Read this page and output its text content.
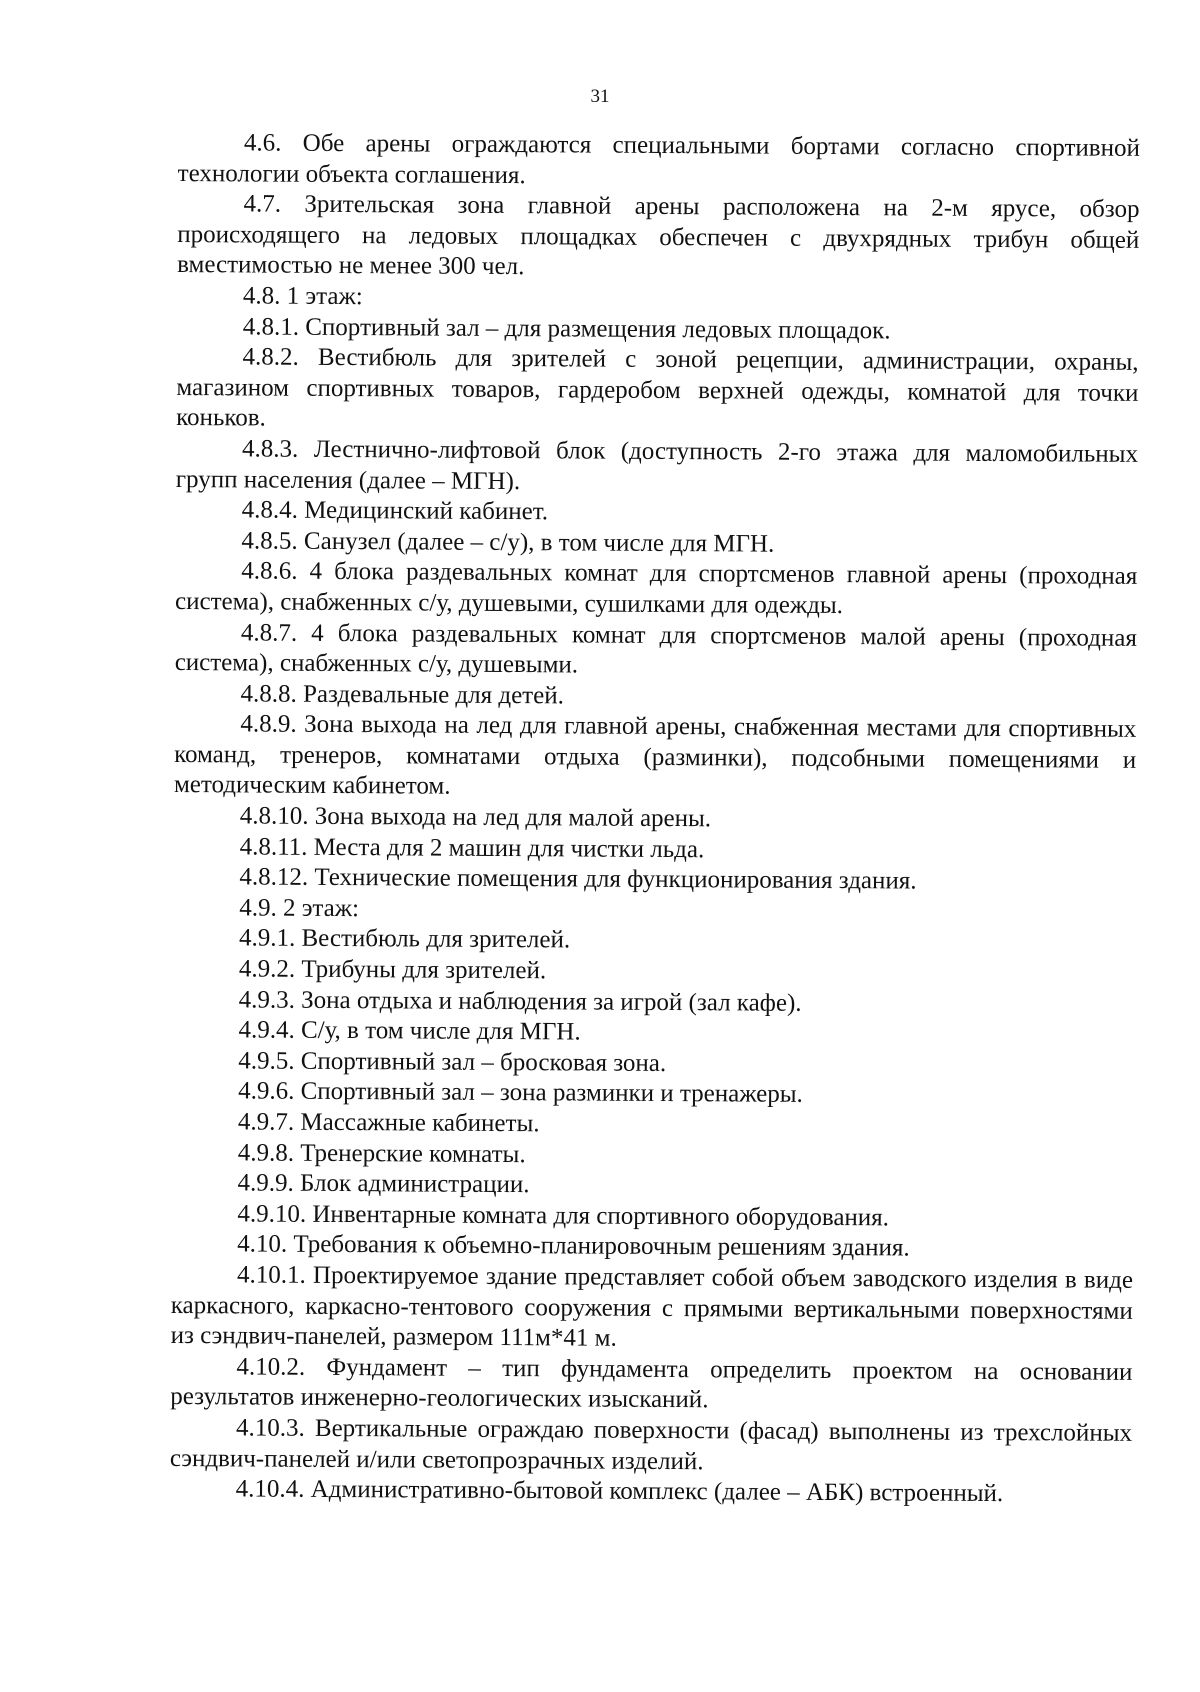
31

4.6. Обе арены ограждаются специальными бортами согласно спортивной технологии объекта соглашения.

4.7. Зрительская зона главной арены расположена на 2-м ярусе, обзор происходящего на ледовых площадках обеспечен с двухрядных трибун общей вместимостью не менее 300 чел.

4.8. 1 этаж:

4.8.1. Спортивный зал – для размещения ледовых площадок.

4.8.2. Вестибюль для зрителей с зоной рецепции, администрации, охраны, магазином спортивных товаров, гардеробом верхней одежды, комнатой для точки коньков.

4.8.3. Лестнично-лифтовой блок (доступность 2-го этажа для маломобильных групп населения (далее – МГН).

4.8.4. Медицинский кабинет.

4.8.5. Санузел (далее – с/у), в том числе для МГН.

4.8.6. 4 блока раздевальных комнат для спортсменов главной арены (проходная система), снабженных с/у, душевыми, сушилками для одежды.

4.8.7. 4 блока раздевальных комнат для спортсменов малой арены (проходная система), снабженных с/у, душевыми.

4.8.8. Раздевальные для детей.

4.8.9. Зона выхода на лед для главной арены, снабженная местами для спортивных команд, тренеров, комнатами отдыха (разминки), подсобными помещениями и методическим кабинетом.

4.8.10. Зона выхода на лед для малой арены.

4.8.11. Места для 2 машин для чистки льда.

4.8.12. Технические помещения для функционирования здания.

4.9. 2 этаж:

4.9.1. Вестибюль для зрителей.

4.9.2. Трибуны для зрителей.

4.9.3. Зона отдыха и наблюдения за игрой (зал кафе).

4.9.4. С/у, в том числе для МГН.

4.9.5. Спортивный зал – бросковая зона.

4.9.6. Спортивный зал – зона разминки и тренажеры.

4.9.7. Массажные кабинеты.

4.9.8. Тренерские комнаты.

4.9.9. Блок администрации.

4.9.10. Инвентарные комната для спортивного оборудования.

4.10. Требования к объемно-планировочным решениям здания.

4.10.1. Проектируемое здание представляет собой объем заводского изделия в виде каркасного, каркасно-тентового сооружения с прямыми вертикальными поверхностями из сэндвич-панелей, размером 111м*41 м.

4.10.2. Фундамент – тип фундамента определить проектом на основании результатов инженерно-геологических изысканий.

4.10.3. Вертикальные ограждаю поверхности (фасад) выполнены из трехслойных сэндвич-панелей и/или светопрозрачных изделий.

4.10.4. Административно-бытовой комплекс (далее – АБК) встроенный.
